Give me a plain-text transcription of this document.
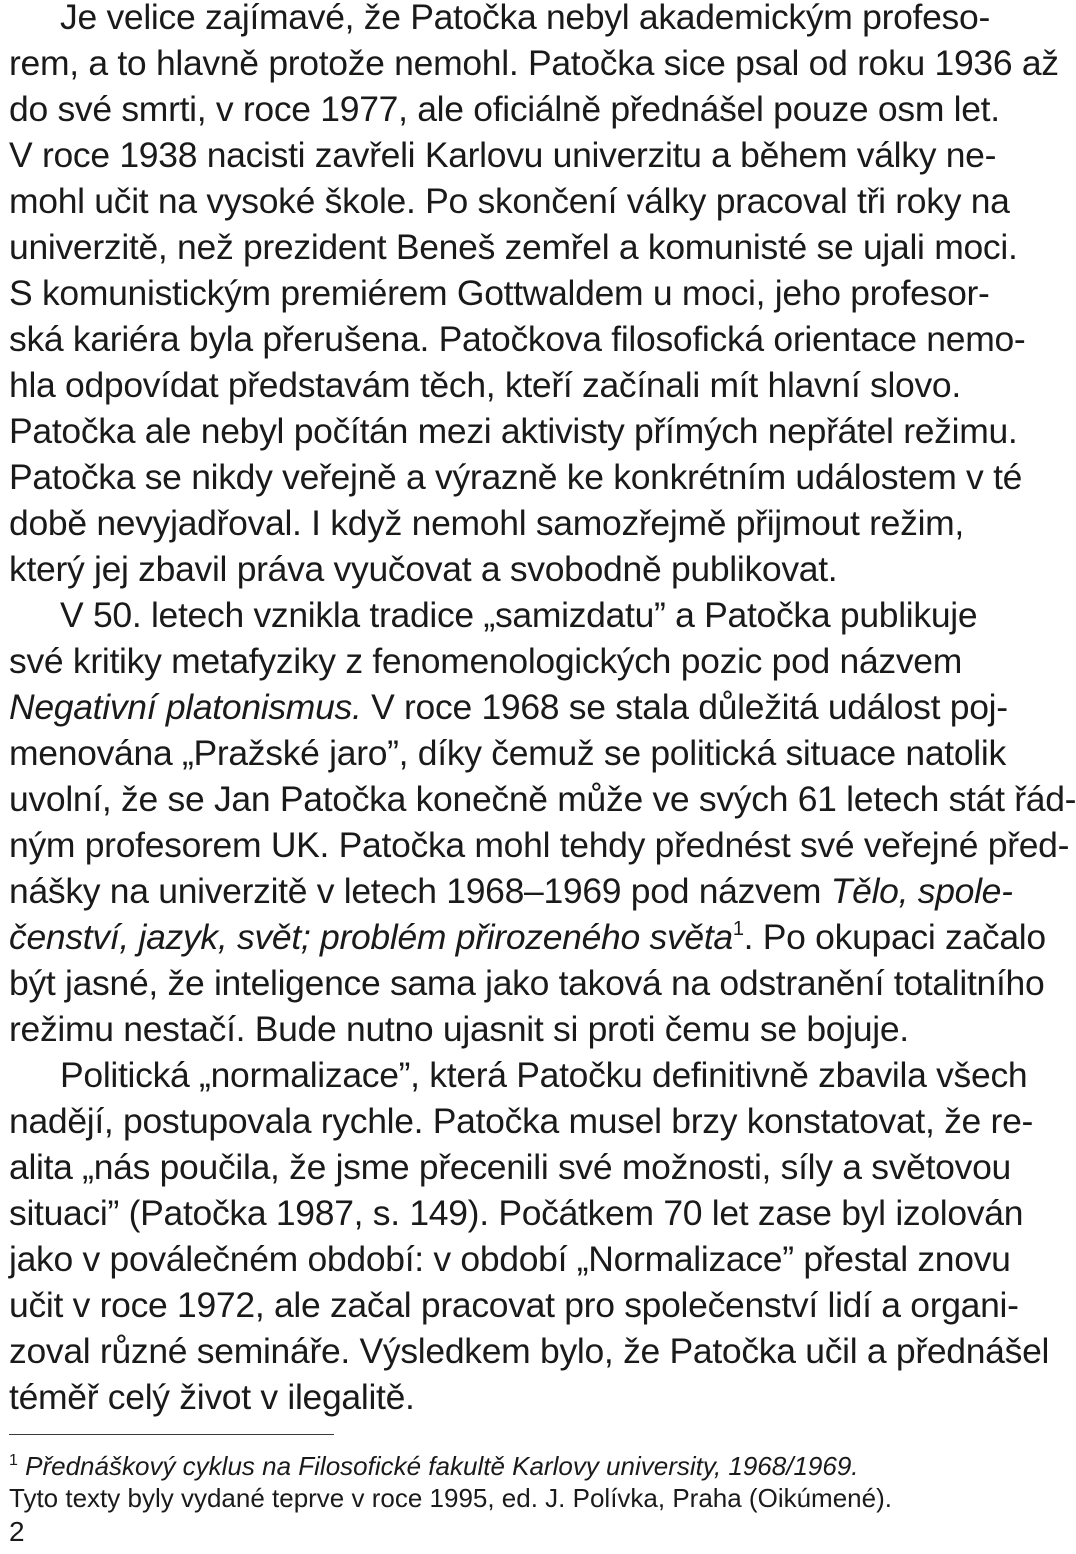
Je velice zajímavé, že Patočka nebyl akademickým profeso-
rem, a to hlavně protože nemohl. Patočka sice psal od roku 1936 až
do své smrti, v roce 1977, ale oficiálně přednášel pouze osm let.
V roce 1938 nacisti zavřeli Karlovu univerzitu a během války ne-
mohl učit na vysoké škole. Po skončení války pracoval tři roky na
univerzitě, než prezident Beneš zemřel a komunisté se ujali moci.
S komunistickým premiérem Gottwaldem u moci, jeho profesor-
ská kariéra byla přerušena. Patočkova filosofická orientace nemo-
hla odpovídat představám těch, kteří začínali mít hlavní slovo.
Patočka ale nebyl počítán mezi aktivisty přímých nepřátel režimu.
Patočka se nikdy veřejně a výrazně ke konkrétním událostem v té
době nevyjadřoval. I když nemohl samozřejmě přijmout režim,
který jej zbavil práva vyučovat a svobodně publikovat.
V 50. letech vznikla tradice „samizdatu” a Patočka publikuje
své kritiky metafyziky z fenomenologických pozic pod názvem
Negativní platonismus. V roce 1968 se stala důležitá událost poj-
menována „Pražské jaro”, díky čemuž se politická situace natolik
uvolní, že se Jan Patočka konečně může ve svých 61 letech stát řád-
ným profesorem UK. Patočka mohl tehdy přednést své veřejné před-
nášky na univerzitě v letech 1968–1969 pod názvem Tělo, spole-
čenství, jazyk, svět; problém přirozeného světa$^1$. Po okupaci začalo
být jasné, že inteligence sama jako taková na odstranění totalitního
režimu nestačí. Bude nutno ujasnit si proti čemu se bojuje.
Politická „normalizace”, která Patočku definitivně zbavila všech
nadějí, postupovala rychle. Patočka musel brzy konstatovat, že re-
alita „nás poučila, že jsme přecenili své možnosti, síly a světovou
situaci” (Patočka 1987, s. 149). Počátkem 70 let zase byl izolován
jako v poválečném období: v období „Normalizace” přestal znovu
učit v roce 1972, ale začal pracovat pro společenství lidí a organi-
zoval různé semináře. Výsledkem bylo, že Patočka učil a přednášel
téměř celý život v ilegalitě.
$^1$ Přednáškový cyklus na Filosofické fakultě Karlovy university, 1968/1969.
Tyto texty byly vydané teprve v roce 1995, ed. J. Polívka, Praha (Oikúmené).
2
